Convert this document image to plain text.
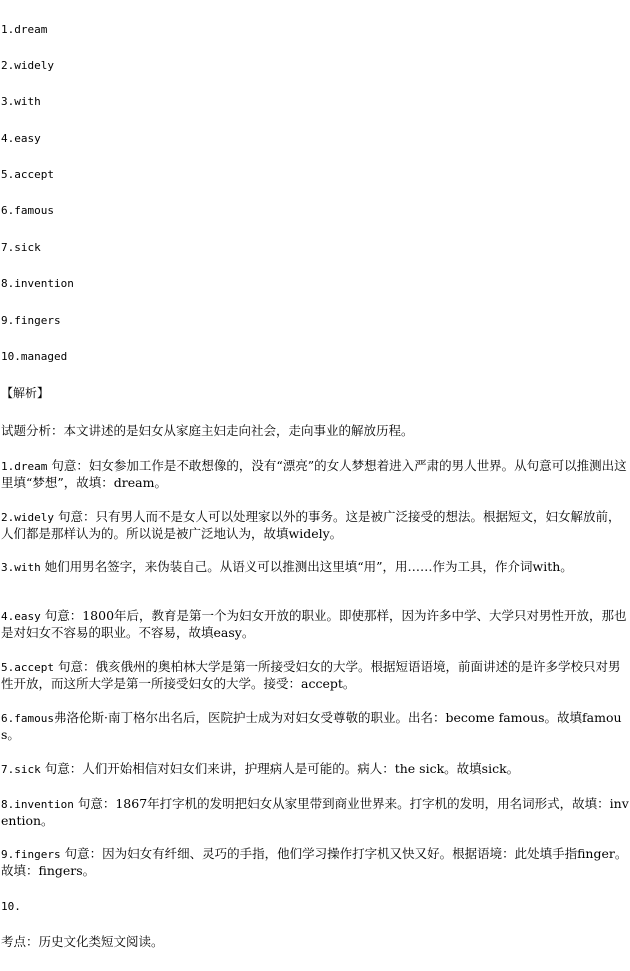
1.dream
2.widely
3.with
4.easy
5.accept
6.famous
7.sick
8.invention
9.fingers
10.managed
【解析】
试题分析：本文讲述的是妇女从家庭主妇走向社会，走向事业的解放历程。
1.dream 句意：妇女参加工作是不敢想像的，没有“漂亮”的女人梦想着进入严肃的男人世界。从句意可以推测出这里填“梦想”，故填：dream。
2.widely 句意：只有男人而不是女人可以处理家以外的事务。这是被广泛接受的想法。根据短文，妇女解放前，人们都是那样认为的。所以说是被广泛地认为，故填widely。
3.with 她们用男名签字，来伪装自己。从语义可以推测出这里填“用”，用……作为工具，作介词with。
4.easy 句意：1800年后，教育是第一个为妇女开放的职业。即使那样，因为许多中学、大学只对男性开放，那也是对妇女不容易的职业。不容易，故填easy。
5.accept 句意：俄亥俄州的奥柏林大学是第一所接受妇女的大学。根据短语语境，前面讲述的是许多学校只对男性开放，而这所大学是第一所接受妇女的大学。接受：accept。
6.famous弗洛伦斯·南丁格尔出名后，医院护士成为对妇女受尊敬的职业。出名：become famous。故填famous。
7.sick 句意：人们开始相信对妇女们来讲，护理病人是可能的。病人：the sick。故填sick。
8.invention 句意：1867年打字机的发明把妇女从家里带到商业世界来。打字机的发明，用名词形式，故填：invention。
9.fingers 句意：因为妇女有纤细、灵巧的手指，他们学习操作打字机又快又好。根据语境：此处填手指finger。故填：fingers。
10.
考点：历史文化类短文阅读。
